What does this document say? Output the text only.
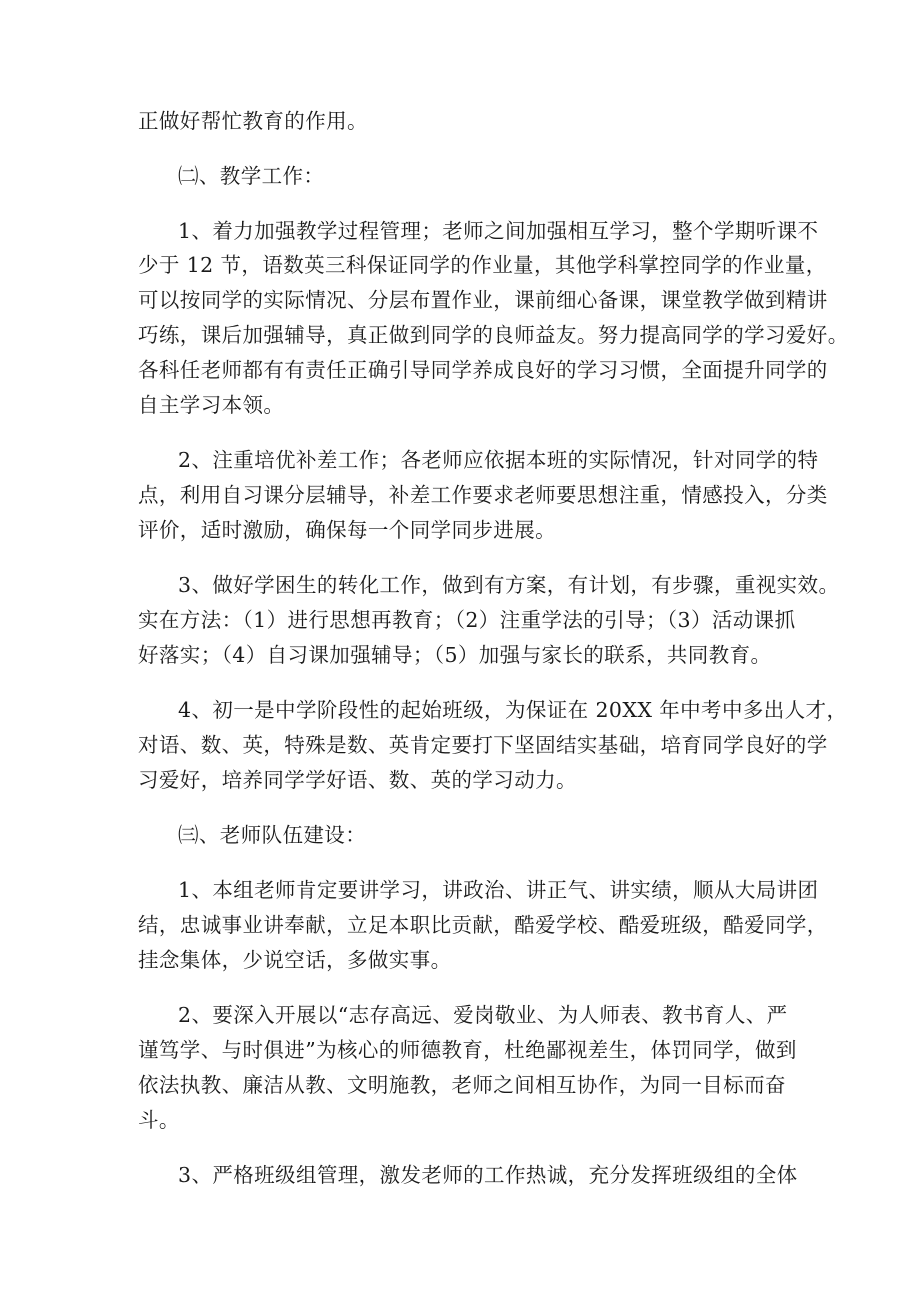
正做好帮忙教育的作用。
㈡、教学工作：
1、着力加强教学过程管理；老师之间加强相互学习，整个学期听课不
少于 12 节，语数英三科保证同学的作业量，其他学科掌控同学的作业量，
可以按同学的实际情况、分层布置作业，课前细心备课，课堂教学做到精讲
巧练，课后加强辅导，真正做到同学的良师益友。努力提高同学的学习爱好。
各科任老师都有有责任正确引导同学养成良好的学习习惯，全面提升同学的
自主学习本领。
2、注重培优补差工作；各老师应依据本班的实际情况，针对同学的特
点，利用自习课分层辅导，补差工作要求老师要思想注重，情感投入，分类
评价，适时激励，确保每一个同学同步进展。
3、做好学困生的转化工作，做到有方案，有计划，有步骤，重视实效。
实在方法：（1）进行思想再教育；（2）注重学法的引导；（3）活动课抓
好落实；（4）自习课加强辅导；（5）加强与家长的联系，共同教育。
4、初一是中学阶段性的起始班级，为保证在 20XX 年中考中多出人才，
对语、数、英，特殊是数、英肯定要打下坚固结实基础，培育同学良好的学
习爱好，培养同学学好语、数、英的学习动力。
㈢、老师队伍建设：
1、本组老师肯定要讲学习，讲政治、讲正气、讲实绩，顺从大局讲团
结，忠诚事业讲奉献，立足本职比贡献，酷爱学校、酷爱班级，酷爱同学，
挂念集体，少说空话，多做实事。
2、要深入开展以“志存高远、爱岗敬业、为人师表、教书育人、严
谨笃学、与时俱进”为核心的师德教育，杜绝鄙视差生，体罚同学，做到
依法执教、廉洁从教、文明施教，老师之间相互协作，为同一目标而奋
斗。
3、严格班级组管理，激发老师的工作热诚，充分发挥班级组的全体
